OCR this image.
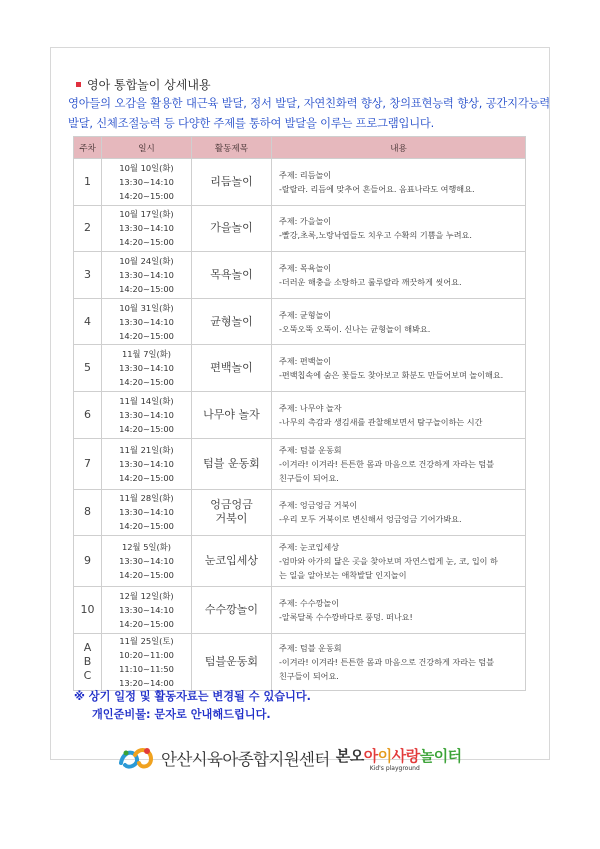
영아 통합놀이 상세내용
영아들의 오감을 활용한 대근육 발달, 정서 발달, 자연친화력 향상, 창의표현능력 향상, 공간지각능력발달, 신체조절능력 등 다양한 주제를 통하여 발달을 이루는 프로그램입니다.
주차	일시	활동제목	내용
1	10월 10일(화)
13:30~14:10
14:20~15:00	리듬놀이	주제: 리듬놀이
-랄랄라. 리듬에 맞추어 흔들어요. 음표나라도 여행해요.

2	10월 17일(화)
13:30~14:10
14:20~15:00	가을놀이	주제: 가을놀이
-빨강,초록,노랑낙엽들도 치우고 수확의 기쁨을 누려요.

3	10월 24일(화)
13:30~14:10
14:20~15:00	목욕놀이	주제: 목욕놀이
-더러운 해충을 소탕하고 룰루랄라 깨끗하게 씻어요.

4	10월 31일(화)
13:30~14:10
14:20~15:00	균형놀이	주제: 균형놀이
-오뚝오뚝 오뚝이. 신나는 균형놀이 해봐요.

5	11월 7일(화)
13:30~14:10
14:20~15:00	편백놀이	주제: 편백놀이
-편백칩속에 숨은 꽃들도 찾아보고 화분도 만들어보며 놀이해요.

6	11월 14일(화)
13:30~14:10
14:20~15:00	나무야 놀자	주제: 나무야 놀자
-나무의 촉감과 생김새를 관찰해보면서 탐구놀이하는 시간

7	11월 21일(화)
13:30~14:10
14:20~15:00	텀블 운동회	주제: 텀블 운동회
-이겨라! 이겨라! 튼튼한 몸과 마음으로 건강하게 자라는 텀블
친구들이 되어요.

8	11월 28일(화)
13:30~14:10
14:20~15:00	엉금엉금
거북이	주제: 엉금엉금 거북이
-우리 모두 거북이로 변신해서 엉금엉금 기어가봐요.

9	12월 5일(화)
13:30~14:10
14:20~15:00	눈코입세상	주제: 눈코입세상
-엄마와 아가의 닮은 곳을 찾아보며 자연스럽게 눈, 코, 입이 하
는 일을 알아보는 애착발달 인지놀이

10	12월 12일(화)
13:30~14:10
14:20~15:00	수수깡놀이	주제: 수수깡놀이
-알록달록 수수깡바다로 풍덩. 떠나요!

A
B
C	11월 25일(토)
10:20~11:00
11:10~11:50
13:20~14:00	텀블운동회	주제: 텀블 운동회
-이겨라! 이겨라! 튼튼한 몸과 마음으로 건강하게 자라는 텀블
친구들이 되어요.
※ 상기 일정 및 활동자료는 변경될 수 있습니다.
개인준비물: 문자로 안내해드립니다.
안산시육아종합지원센터 본오아이사랑놀이터
Kid's playground
